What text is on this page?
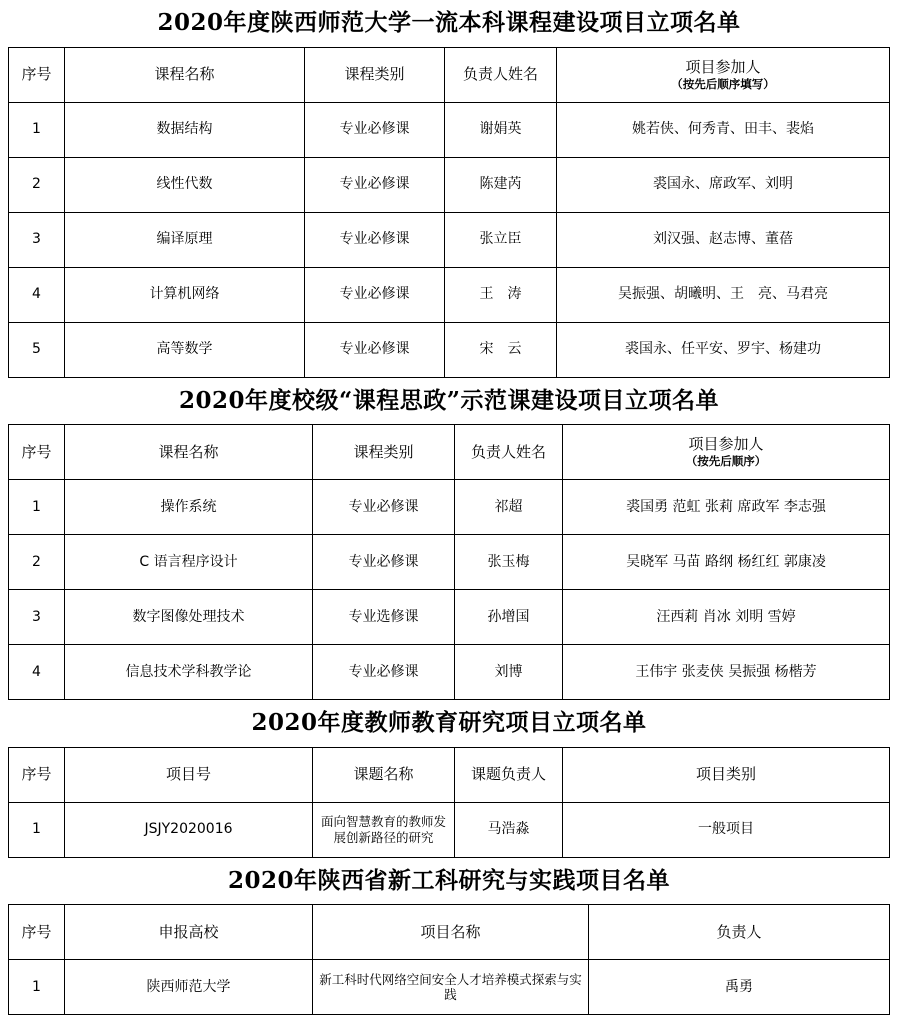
2020年度陕西师范大学一流本科课程建设项目立项名单
序号	课程名称	课程类别	负责人姓名	项目参加人
（按先后顺序填写）

1	数据结构	专业必修课	谢娟英	姚若侠、何秀青、田丰、裴焰
2	线性代数	专业必修课	陈建芮	裘国永、席政军、刘明
3	编译原理	专业必修课	张立臣	刘汉强、赵志博、董蓓
4	计算机网络	专业必修课	王　涛	吴振强、胡曦明、王　亮、马君亮
5	高等数学	专业必修课	宋　云	裘国永、任平安、罗宇、杨建功
2020年度校级“课程思政”示范课建设项目立项名单
序号	课程名称	课程类别	负责人姓名	项目参加人
（按先后顺序）

1	操作系统	专业必修课	祁超	裘国勇 范虹 张莉 席政军 李志强
2	C 语言程序设计	专业必修课	张玉梅	吴晓军 马苗 路纲 杨红红 郭康凌
3	数字图像处理技术	专业选修课	孙增国	汪西莉 肖冰 刘明 雪婷
4	信息技术学科教学论	专业必修课	刘博	王伟宇 张麦侠 吴振强 杨楷芳
2020年度教师教育研究项目立项名单
序号	项目号	课题名称	课题负责人	项目类别
1	JSJY2020016	面向智慧教育的教师发展创新路径的研究	马浩淼	一般项目
2020年陕西省新工科研究与实践项目名单
序号	申报高校	项目名称	负责人
1	陕西师范大学	新工科时代网络空间安全人才培养模式探索与实践	禹勇
